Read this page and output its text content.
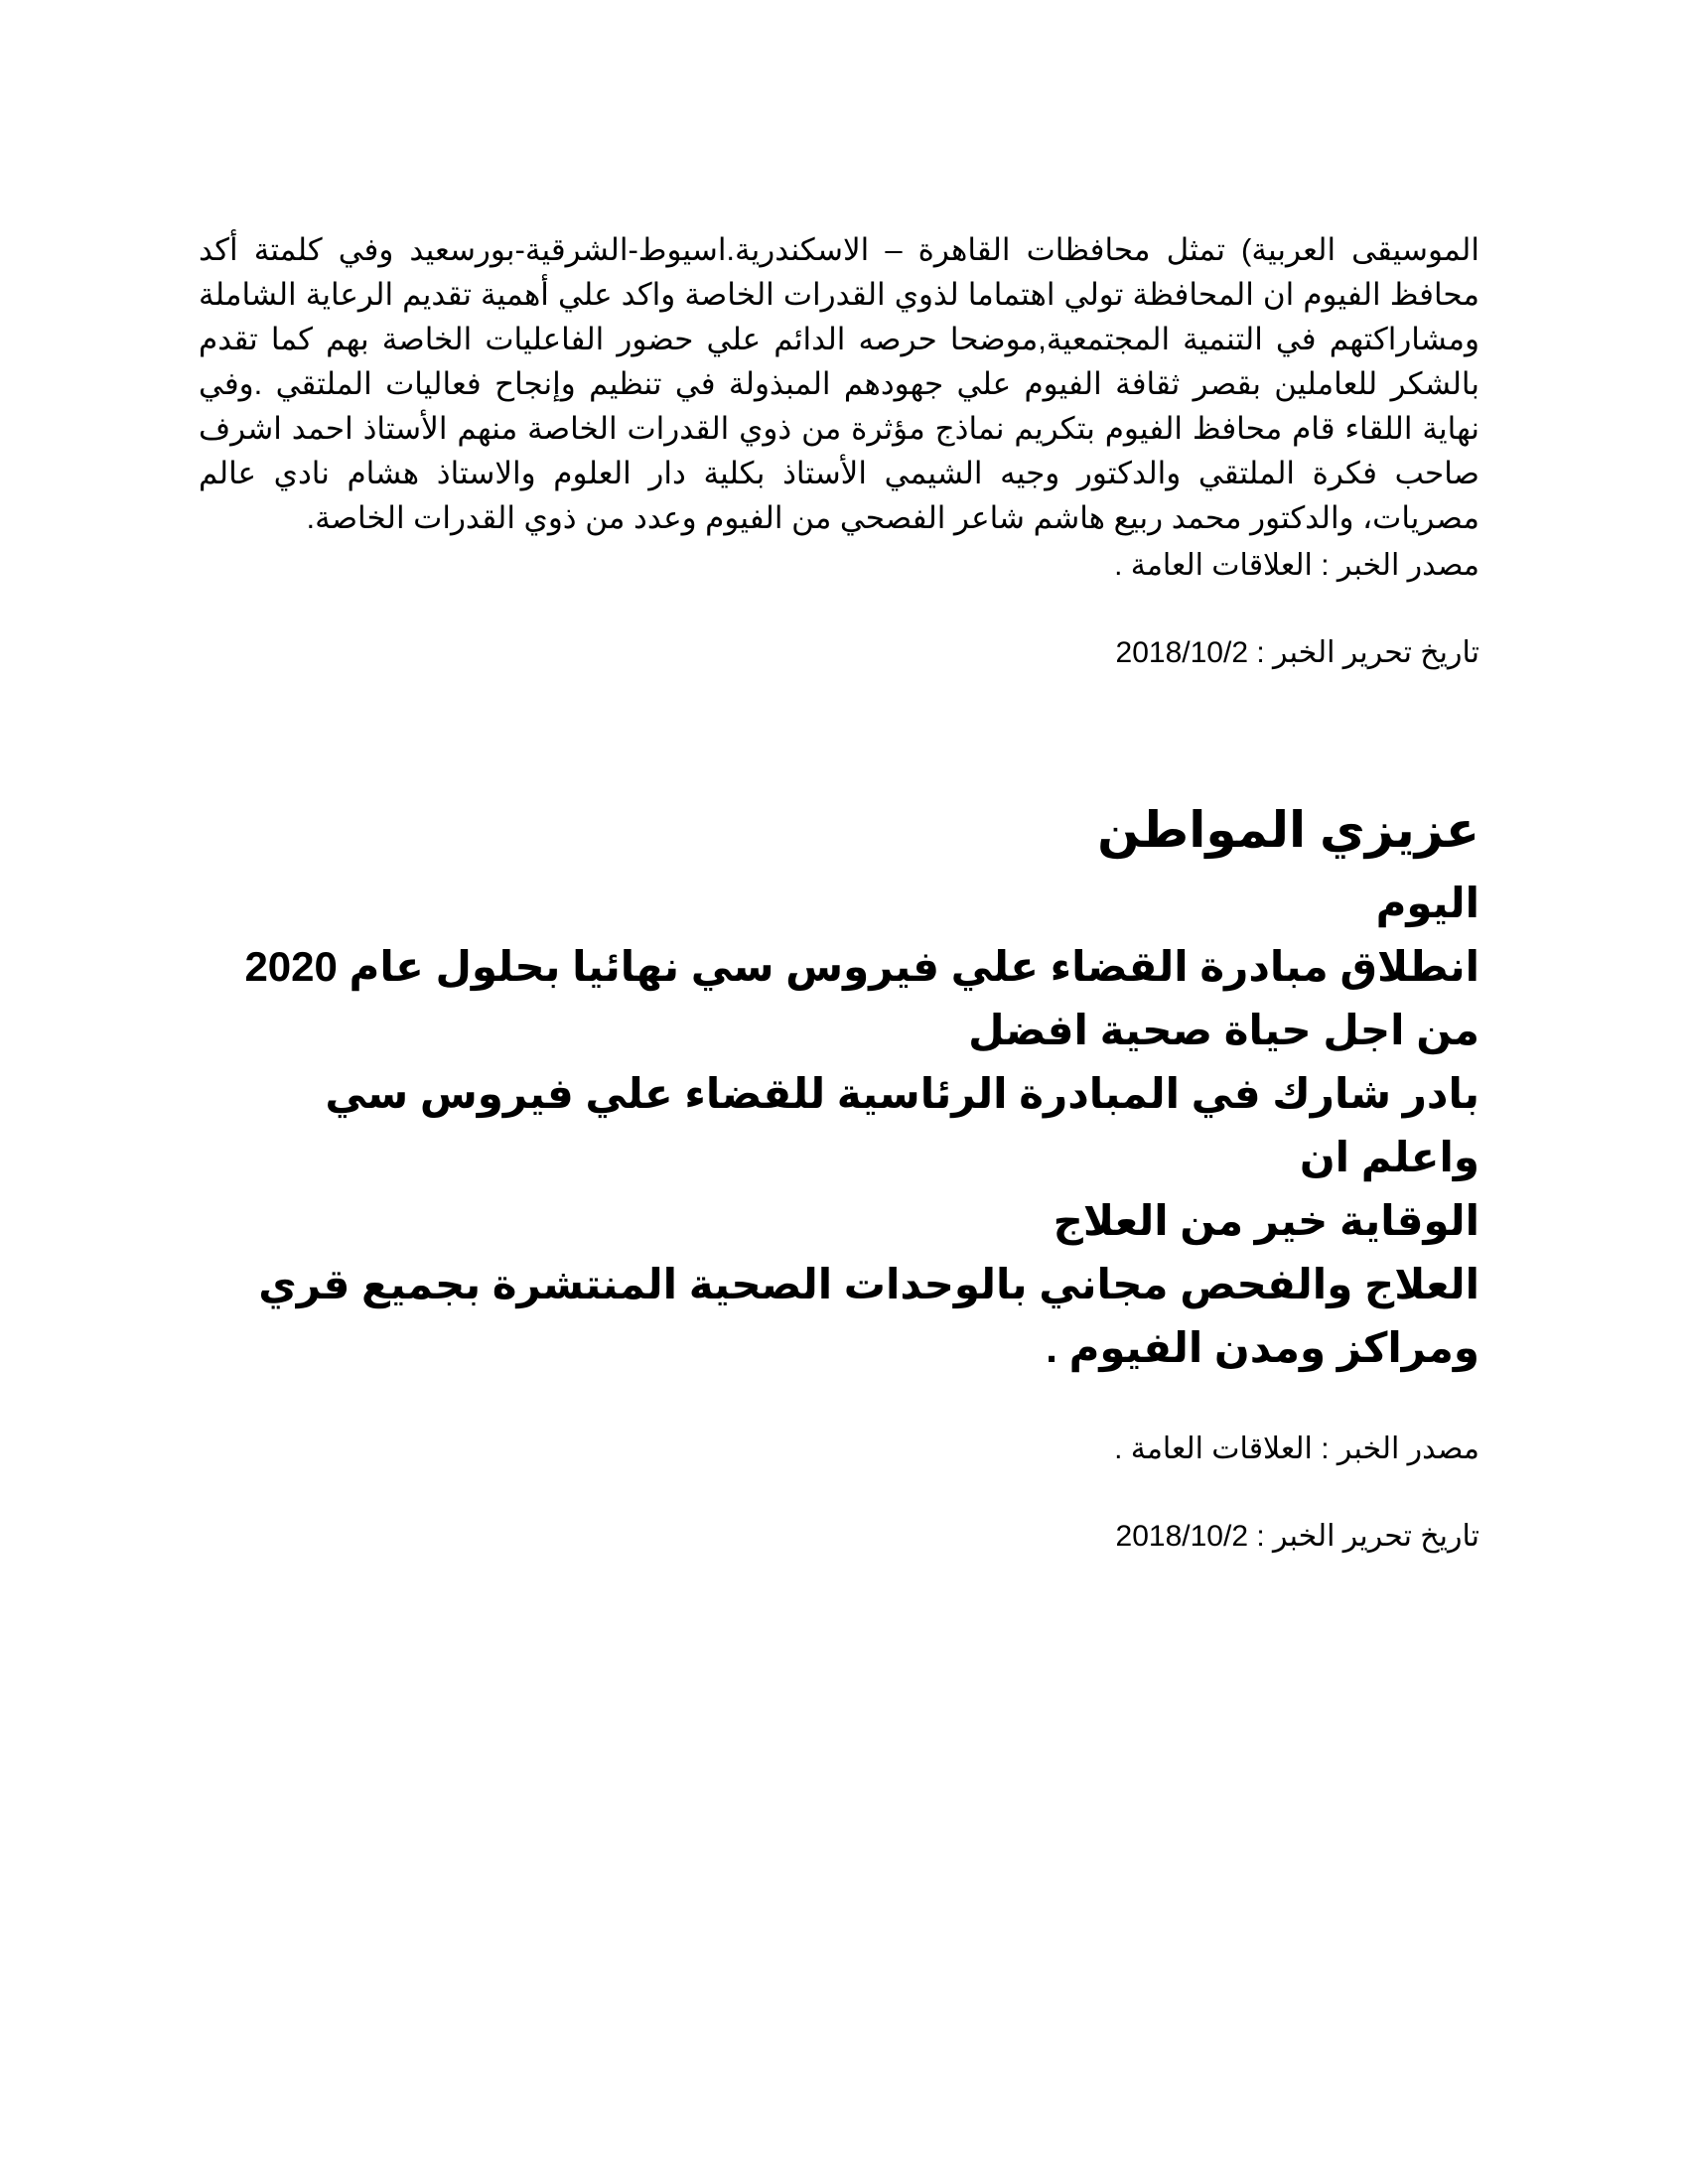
الموسيقى العربية) تمثل محافظات القاهرة – الاسكندرية.اسيوط-الشرقية-بورسعيد وفي كلمتة أكد محافظ الفيوم ان المحافظة تولي اهتماما لذوي القدرات الخاصة واكد علي أهمية تقديم الرعاية الشاملة ومشاراكتهم في التنمية المجتمعية,موضحا حرصه الدائم علي حضور الفاعليات الخاصة بهم كما تقدم بالشكر للعاملين بقصر ثقافة الفيوم علي جهودهم المبذولة في تنظيم وإنجاح فعاليات الملتقي .وفي نهاية اللقاء قام محافظ الفيوم بتكريم نماذج مؤثرة من ذوي القدرات الخاصة منهم الأستاذ احمد اشرف صاحب فكرة الملتقي والدكتور وجيه الشيمي الأستاذ بكلية دار العلوم والاستاذ هشام نادي عالم مصريات، والدكتور محمد ربيع هاشم شاعر الفصحي من الفيوم وعدد من ذوي القدرات الخاصة.

مصدر الخبر : العلاقات العامة .
تاريخ تحرير الخبر : 2018/10/2

عزيزي المواطن

اليوم

انطلاق مبادرة القضاء علي فيروس سي نهائيا بحلول عام 2020

من اجل حياة صحية افضل

بادر شارك في المبادرة الرئاسية للقضاء علي فيروس سي

واعلم ان

الوقاية خير من العلاج

العلاج والفحص مجاني بالوحدات الصحية المنتشرة بجميع قري ومراكز ومدن الفيوم .

مصدر الخبر : العلاقات العامة .
تاريخ تحرير الخبر : 2018/10/2
